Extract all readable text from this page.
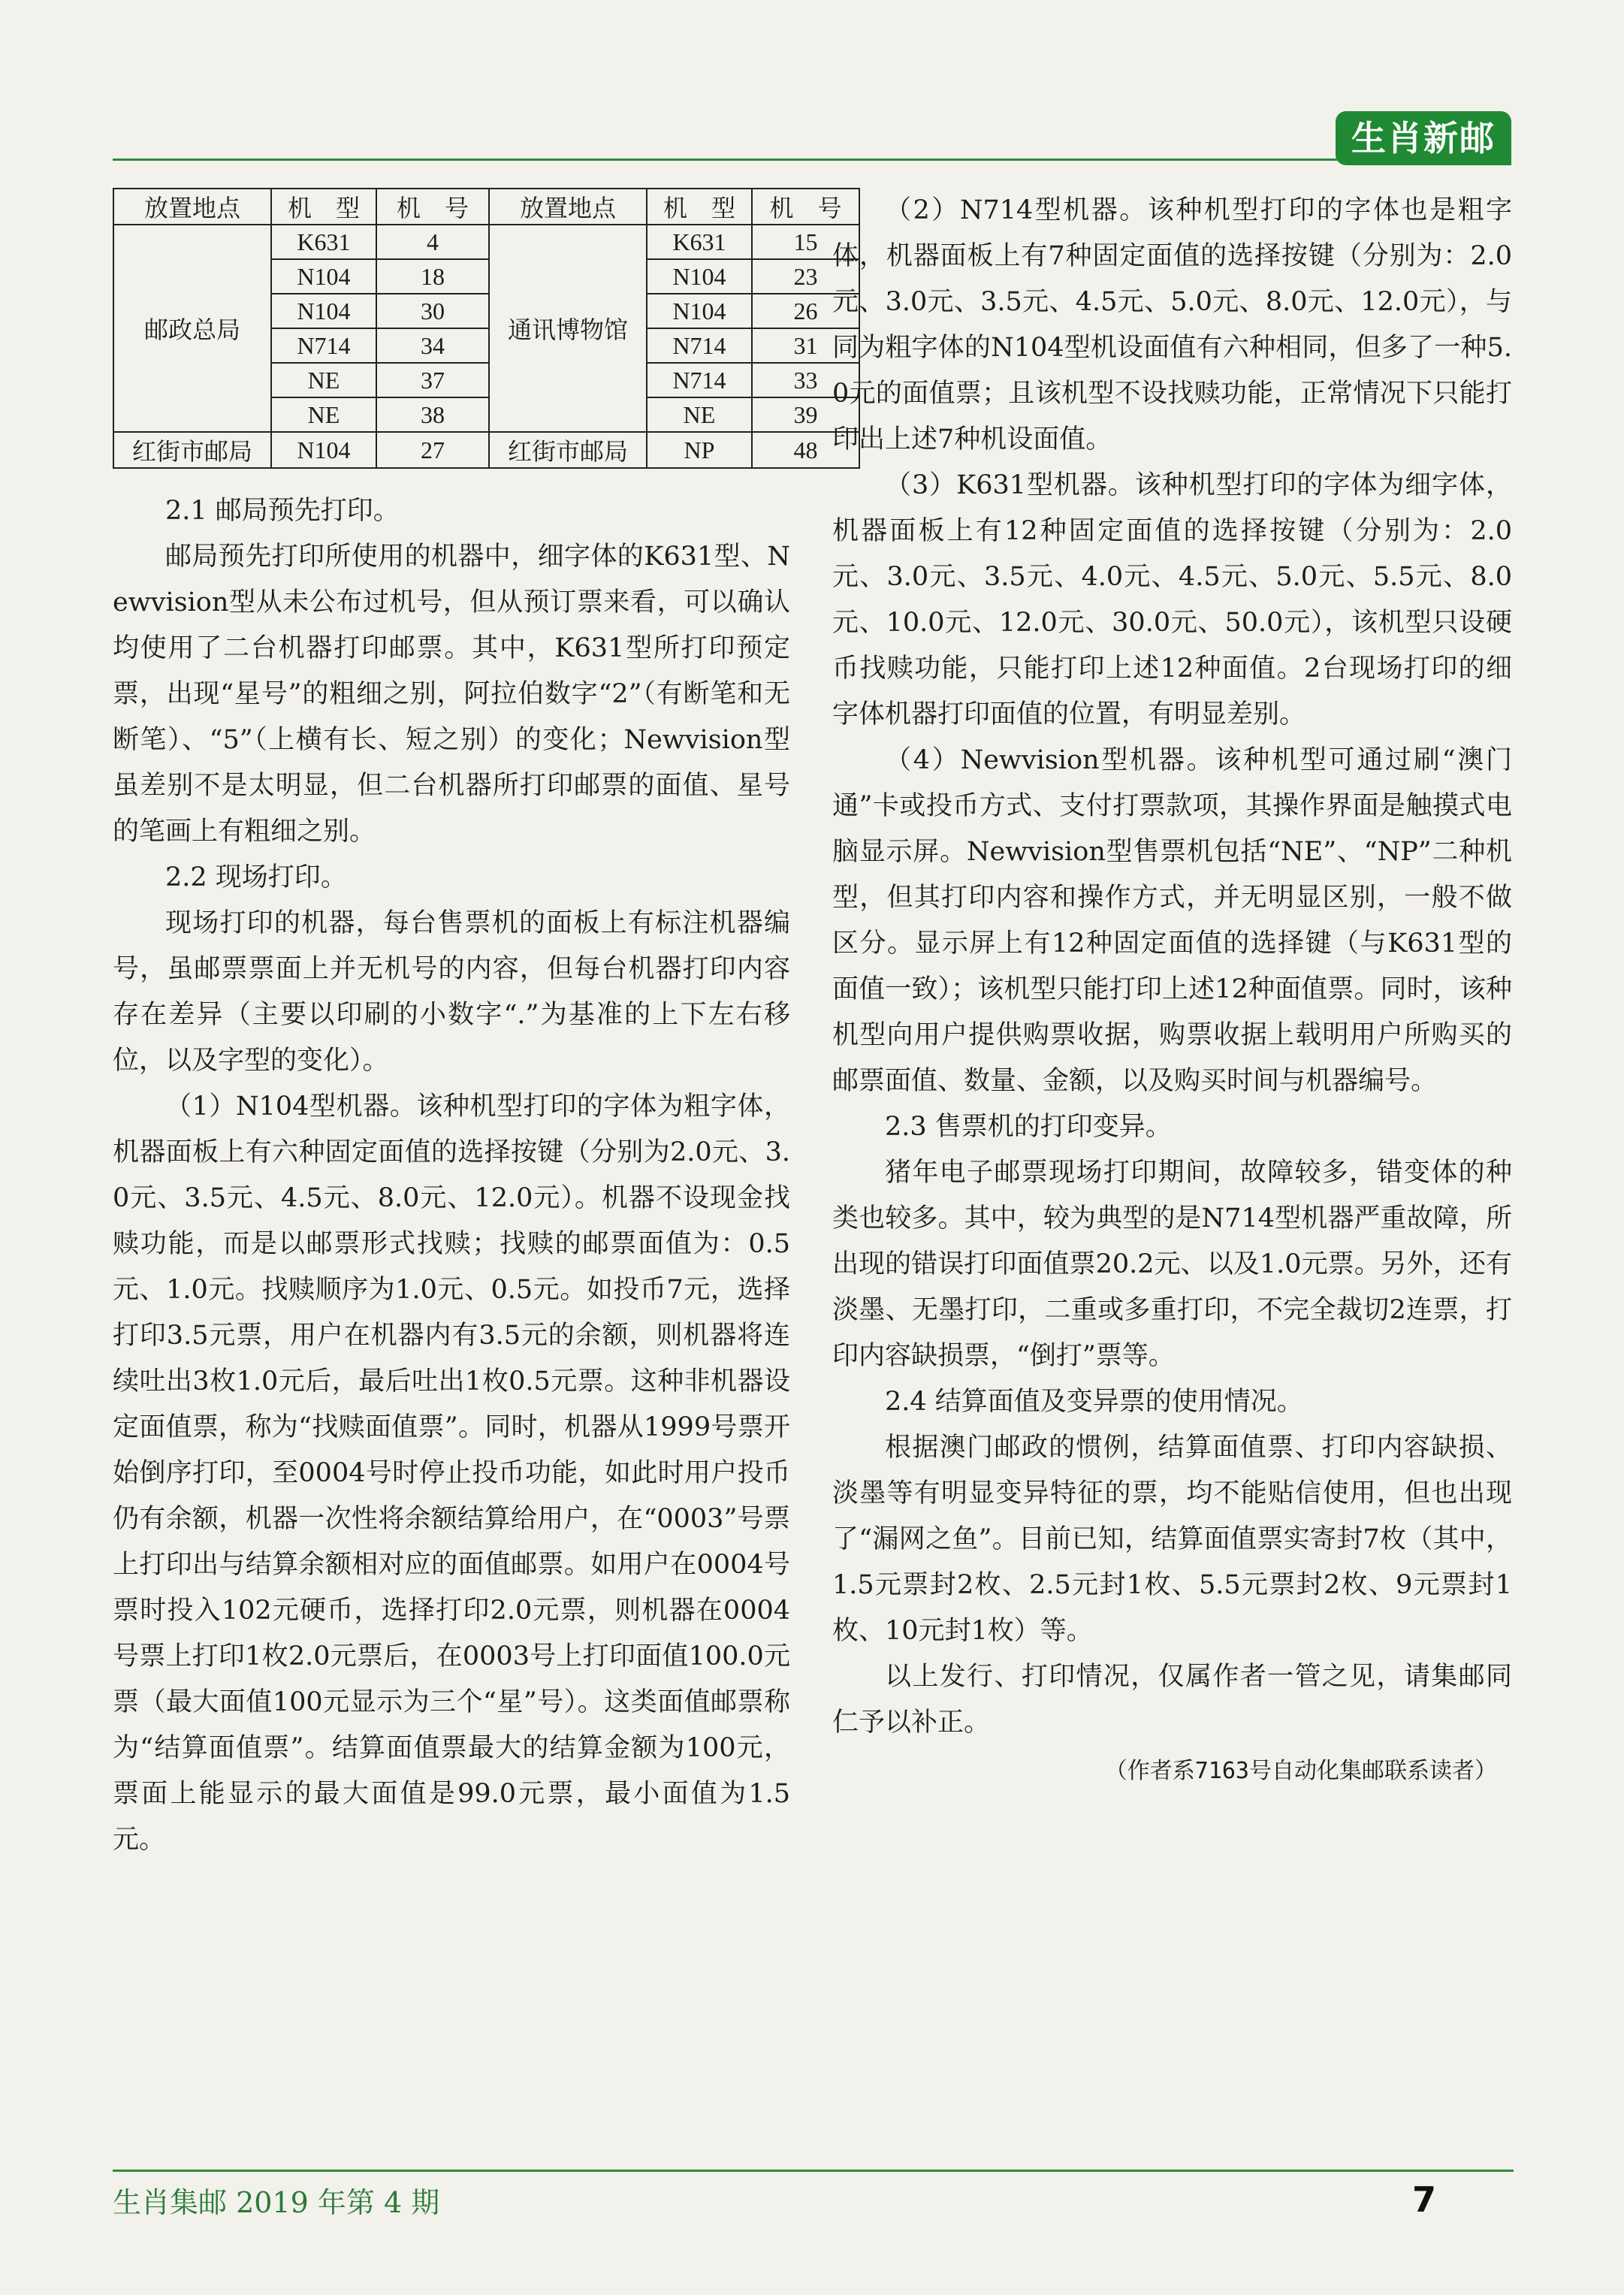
生肖新邮
放置地点	机　型	机　号	放置地点	机　型	机　号
邮政总局	K631	4	通讯博物馆	K631	15
	N104	18		N104	23
	N104	30		N104	26
	N714	34		N714	31
	NE	37		N714	33
	NE	38		NE	39
红街市邮局	N104	27	红街市邮局	NP	48

2.1 邮局预先打印。

邮局预先打印所使用的机器中，细字体的K631型、Newvision型从未公布过机号，但从预订票来看，可以确认均使用了二台机器打印邮票。其中，K631型所打印预定票，出现“星号”的粗细之别，阿拉伯数字“2”（有断笔和无断笔）、“5”（上横有长、短之别）的变化；Newvision型虽差别不是太明显，但二台机器所打印邮票的面值、星号的笔画上有粗细之别。

2.2 现场打印。

现场打印的机器，每台售票机的面板上有标注机器编号，虽邮票票面上并无机号的内容，但每台机器打印内容存在差异（主要以印刷的小数字“.”为基准的上下左右移位，以及字型的变化）。

（1）N104型机器。该种机型打印的字体为粗字体，机器面板上有六种固定面值的选择按键（分别为2.0元、3.0元、3.5元、4.5元、8.0元、12.0元）。机器不设现金找赎功能，而是以邮票形式找赎；找赎的邮票面值为：0.5元、1.0元。找赎顺序为1.0元、0.5元。如投币7元，选择打印3.5元票，用户在机器内有3.5元的余额，则机器将连续吐出3枚1.0元后，最后吐出1枚0.5元票。这种非机器设定面值票，称为“找赎面值票”。同时，机器从1999号票开始倒序打印，至0004号时停止投币功能，如此时用户投币仍有余额，机器一次性将余额结算给用户，在“0003”号票上打印出与结算余额相对应的面值邮票。如用户在0004号票时投入102元硬币，选择打印2.0元票，则机器在0004号票上打印1枚2.0元票后，在0003号上打印面值100.0元票（最大面值100元显示为三个“星”号）。这类面值邮票称为“结算面值票”。结算面值票最大的结算金额为100元，票面上能显示的最大面值是99.0元票，最小面值为1.5元。

（2）N714型机器。该种机型打印的字体也是粗字体，机器面板上有7种固定面值的选择按键（分别为：2.0元、3.0元、3.5元、4.5元、5.0元、8.0元、12.0元），与同为粗字体的N104型机设面值有六种相同，但多了一种5.0元的面值票；且该机型不设找赎功能，正常情况下只能打印出上述7种机设面值。

（3）K631型机器。该种机型打印的字体为细字体，机器面板上有12种固定面值的选择按键（分别为：2.0元、3.0元、3.5元、4.0元、4.5元、5.0元、5.5元、8.0元、10.0元、12.0元、30.0元、50.0元），该机型只设硬币找赎功能，只能打印上述12种面值。2台现场打印的细字体机器打印面值的位置，有明显差别。

（4）Newvision型机器。该种机型可通过刷“澳门通”卡或投币方式、支付打票款项，其操作界面是触摸式电脑显示屏。Newvision型售票机包括“NE”、“NP”二种机型，但其打印内容和操作方式，并无明显区别，一般不做区分。显示屏上有12种固定面值的选择键（与K631型的面值一致）；该机型只能打印上述12种面值票。同时，该种机型向用户提供购票收据，购票收据上载明用户所购买的邮票面值、数量、金额，以及购买时间与机器编号。

2.3 售票机的打印变异。

猪年电子邮票现场打印期间，故障较多，错变体的种类也较多。其中，较为典型的是N714型机器严重故障，所出现的错误打印面值票20.2元、以及1.0元票。另外，还有淡墨、无墨打印，二重或多重打印，不完全裁切2连票，打印内容缺损票，“倒打”票等。

2.4 结算面值及变异票的使用情况。

根据澳门邮政的惯例，结算面值票、打印内容缺损、淡墨等有明显变异特征的票，均不能贴信使用，但也出现了“漏网之鱼”。目前已知，结算面值票实寄封7枚（其中，1.5元票封2枚、2.5元封1枚、5.5元票封2枚、9元票封1枚、10元封1枚）等。

以上发行、打印情况，仅属作者一管之见，请集邮同仁予以补正。

（作者系7163号自动化集邮联系读者）

生肖集邮 2019 年第 4 期	7
